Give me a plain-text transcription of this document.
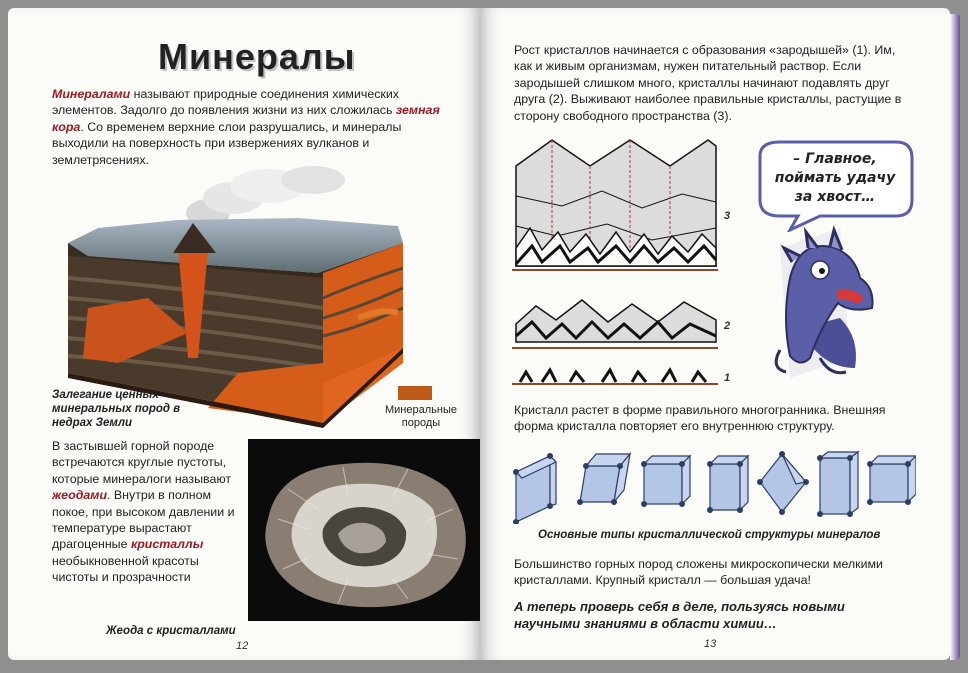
Минералы
Минералами называют природные соединения химических элементов. Задолго до появления жизни из них сложилась земная кора. Со временем верхние слои разрушались, и минералы выходили на поверхность при извержениях вулканов и землетрясениях.
Залегание ценных минеральных пород в недрах Земли
Минеральные породы
В застывшей горной породе встречаются круглые пустоты, которые минералоги называют жеодами. Внутри в полном покое, при высоком давлении и температуре вырастают драгоценные кристаллы необыкновенной красоты чистоты и прозрачности
Жеода с кристаллами
12
Рост кристаллов начинается с образования «зародышей» (1). Им, как и живым организмам, нужен питательный раствор. Если зародышей слишком много, кристаллы начинают подавлять друг друга (2). Выживают наиболее правильные кристаллы, растущие в сторону свободного пространства (3).
3
2
1
– Главное, поймать удачу за хвост…
Кристалл растет в форме правильного многогранника. Внешняя форма кристалла повторяет его внутреннюю структуру.
Основные типы кристаллической структуры минералов
Большинство горных пород сложены микроскопически мелкими кристаллами. Крупный кристалл — большая удача!
А теперь проверь себя в деле, пользуясь новыми научными знаниями в области химии…
13
